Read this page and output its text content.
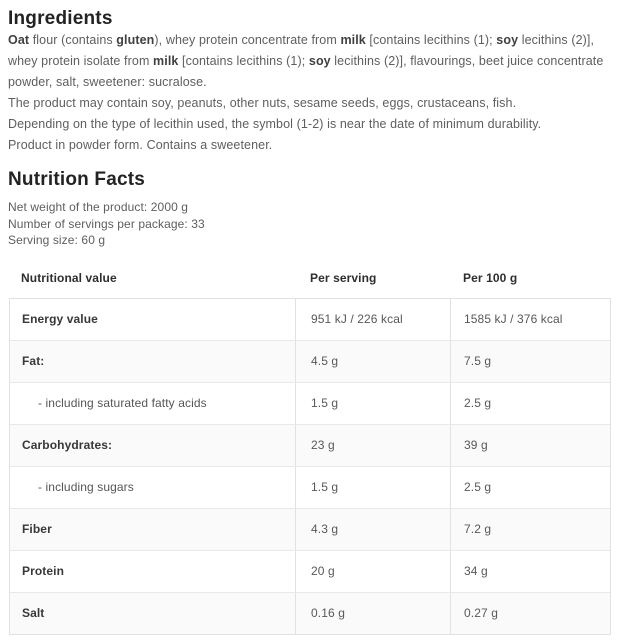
Ingredients

Oat flour (contains gluten), whey protein concentrate from milk [contains lecithins (1); soy lecithins (2)], whey protein isolate from milk [contains lecithins (1); soy lecithins (2)], flavourings, beet juice concentrate powder, salt, sweetener: sucralose.

The product may contain soy, peanuts, other nuts, sesame seeds, eggs, crustaceans, fish.

Depending on the type of lecithin used, the symbol (1-2) is near the date of minimum durability.

Product in powder form. Contains a sweetener.

Nutrition Facts

Net weight of the product: 2000 g

Number of servings per package: 33

Serving size: 60 g

Nutritional value	Per serving	Per 100 g
Energy value	951 kJ / 226 kcal	1585 kJ / 376 kcal
Fat:	4.5 g	7.5 g
- including saturated fatty acids	1.5 g	2.5 g
Carbohydrates:	23 g	39 g
- including sugars	1.5 g	2.5 g
Fiber	4.3 g	7.2 g
Protein	20 g	34 g
Salt	0.16 g	0.27 g
